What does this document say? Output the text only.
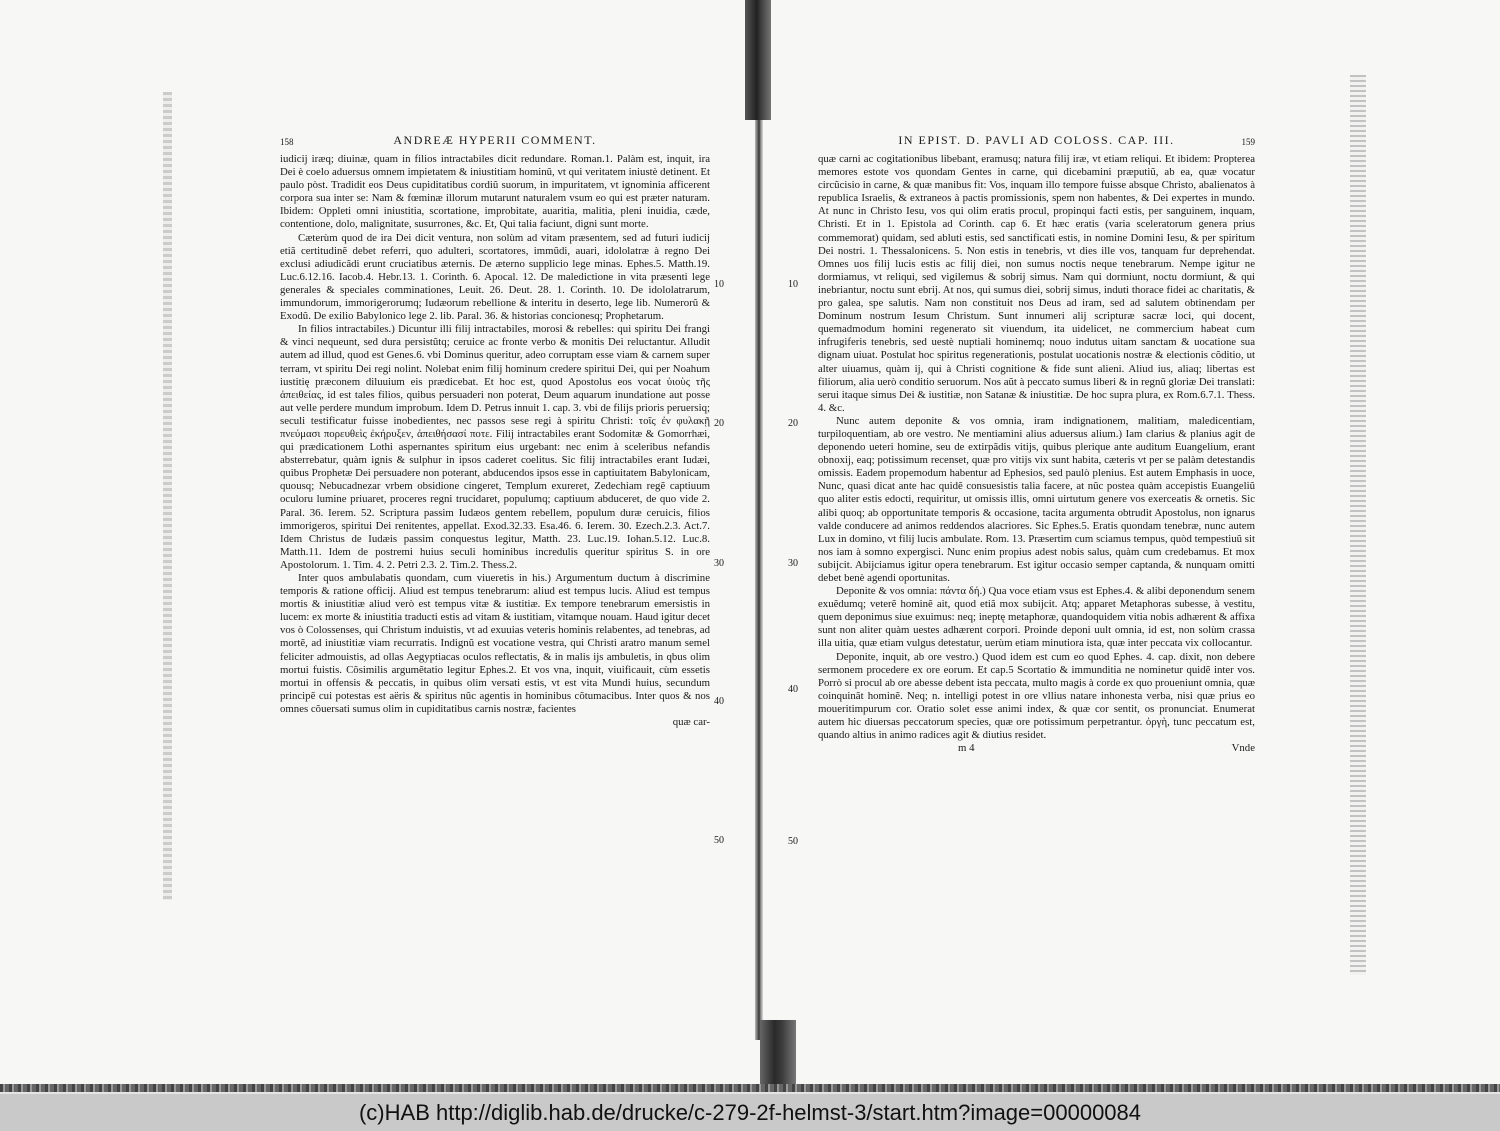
158	ANDREÆ HYPERII COMMENT.

iudicij iræq; diuinæ, quam in filios intractabiles dicit redundare. Roman.1. Palàm est, inquit, ira Dei è coelo aduersus omnem impietatem & iniustitiam hominũ, vt qui veritatem iniustè detinent. Et paulo pòst. Tradidit eos Deus cupiditatibus cordiũ suorum, in impuritatem, vt ignominia afficerent corpora sua inter se: Nam & fœminæ illorum mutarunt naturalem vsum eo qui est præter naturam. Ibidem: Oppleti omni iniustitia, scortatione, improbitate, auaritia, malitia, pleni inuidia, cæde, contentione, dolo, malignitate, susurrones, &c. Et, Qui talia faciunt, digni sunt morte.

Cæterùm quod de ira Dei dicit ventura, non solùm ad vitam præsentem, sed ad futuri iudicij etiã certitudinẽ debet referri, quo adulteri, scortatores, immũdi, auari, idololatræ à regno Dei exclusi adiudicãdi erunt cruciatibus æternis. De æterno supplicio lege minas. Ephes.5. Matth.19. Luc.6.12.16. Iacob.4. Hebr.13. 1. Corinth. 6. Apocal. 12. De maledictione in vita præsenti lege generales & speciales comminationes, Leuit. 26. Deut. 28. 1. Corinth. 10. De idololatrarum, immundorum, immorigerorumq; Iudæorum rebellione & interitu in deserto, lege lib. Numerorũ & Exodũ. De exilio Babylonico lege 2. lib. Paral. 36. & historias concionesq; Prophetarum.

In filios intractabiles.) Dicuntur illi filij intractabiles, morosi & rebelles: qui spiritu Dei frangi & vinci nequeunt, sed dura persistũtq; ceruice ac fronte verbo & monitis Dei reluctantur. Alludit autem ad illud, quod est Genes.6. vbi Dominus queritur, adeo corruptam esse viam & carnem super terram, vt spiritu Dei regi nolint. Nolebat enim filij hominum credere spiritui Dei, qui per Noahum iustitię præconem diluuium eis prædicebat. Et hoc est, quod Apostolus eos vocat ὑιοὺς τῆς ἀπειθείας, id est tales filios, quibus persuaderi non poterat, Deum aquarum inundatione aut posse aut velle perdere mundum improbum. Idem D. Petrus innuit 1. cap. 3. vbi de filijs prioris peruersiq; seculi testificatur fuisse inobedientes, nec passos sese regi à spiritu Christi: τοῖς ἐν φυλακῇ πνεύμασι πορευθεὶς ἐκήρυξεν, ἀπειθήσασί ποτε. Filij intractabiles erant Sodomitæ & Gomorrhæi, qui prædicationem Lothi aspernantes spiritum eius urgebant: nec enim à sceleribus nefandis absterrebatur, quàm ignis & sulphur in ipsos caderet coelitus. Sic filij intractabiles erant Iudæi, quibus Prophetæ Dei persuadere non poterant, abducendos ipsos esse in captiuitatem Babylonicam, quousq; Nebucadnezar vrbem obsidione cingeret, Templum exureret, Zedechiam regẽ captiuum oculoru lumine priuaret, proceres regni trucidaret, populumq; captiuum abduceret, de quo vide 2. Paral. 36. Ierem. 52. Scriptura passim Iudæos gentem rebellem, populum duræ ceruicis, filios immorigeros, spiritui Dei renitentes, appellat. Exod.32.33. Esa.46. 6. Ierem. 30. Ezech.2.3. Act.7. Idem Christus de Iudæis passim conquestus legitur, Matth. 23. Luc.19. Iohan.5.12. Luc.8. Matth.11. Idem de postremi huius seculi hominibus incredulis queritur spiritus S. in ore Apostolorum. 1. Tim. 4. 2. Petri 2.3. 2. Tim.2. Thess.2.

Inter quos ambulabatis quondam, cum viueretis in his.) Argumentum ductum à discrimine temporis & ratione officij. Aliud est tempus tenebrarum: aliud est tempus lucis. Aliud est tempus mortis & iniustitiæ aliud verò est tempus vitæ & iustitiæ. Ex tempore tenebrarum emersistis in lucem: ex morte & iniustitia traducti estis ad vitam & iustitiam, vitamque nouam. Haud igitur decet vos ò Colossenses, qui Christum induistis, vt ad exuuias veteris hominis relabentes, ad tenebras, ad mortẽ, ad iniustitiæ viam recurratis. Indignũ est vocatione vestra, qui Christi aratro manum semel feliciter admouistis, ad ollas Aegyptiacas oculos reflectatis, & in malis ijs ambuletis, in qbus olim mortui fuistis. Cõsimilis argumẽtatio legitur Ephes.2. Et vos vna, inquit, viuificauit, cùm essetis mortui in offensis & peccatis, in quibus olim versati estis, vt est vita Mundi huius, secundum principẽ cui potestas est aëris & spiritus nũc agentis in hominibus cõtumacibus. Inter quos & nos omnes cõuersati sumus olim in cupiditatibus carnis nostræ, facientes

quæ car-
10
20
30
40
50
IN EPIST. D. PAVLI AD COLOSS. CAP. III.	159

quæ carni ac cogitationibus libebant, eramusq; natura filij iræ, vt etiam reliqui. Et ibidem: Propterea memores estote vos quondam Gentes in carne, qui dicebamini præputiũ, ab ea, quæ vocatur circũcisio in carne, & quæ manibus fit: Vos, inquam illo tempore fuisse absque Christo, abalienatos à republica Israelis, & extraneos à pactis promissionis, spem non habentes, & Dei expertes in mundo. At nunc in Christo Iesu, vos qui olim eratis procul, propinqui facti estis, per sanguinem, inquam, Christi. Et in 1. Epistola ad Corinth. cap 6. Et hæc eratis (varia sceleratorum genera prius commemorat) quidam, sed abluti estis, sed sanctificati estis, in nomine Domini Iesu, & per spiritum Dei nostri. 1. Thessalonicens. 5. Non estis in tenebris, vt dies ille vos, tanquam fur deprehendat. Omnes uos filij lucis estis ac filij diei, non sumus noctis neque tenebrarum. Nempe igitur ne dormiamus, vt reliqui, sed vigilemus & sobrij simus. Nam qui dormiunt, noctu dormiunt, & qui inebriantur, noctu sunt ebrij. At nos, qui sumus diei, sobrij simus, induti thorace fidei ac charitatis, & pro galea, spe salutis. Nam non constituit nos Deus ad iram, sed ad salutem obtinendam per Dominum nostrum Iesum Christum. Sunt innumeri alij scripturæ sacræ loci, qui docent, quemadmodum homini regenerato sit viuendum, ita uidelicet, ne commercium habeat cum infrugiferis tenebris, sed uestè nuptiali hominemq; nouo indutus uitam sanctam & uocatione sua dignam uiuat. Postulat hoc spiritus regenerationis, postulat uocationis nostræ & electionis cõditio, ut alter uiuamus, quàm ij, qui à Christi cognitione & fide sunt alieni. Aliud ius, aliaq; libertas est filiorum, alia uerò conditio seruorum. Nos aũt à peccato sumus liberi & in regnũ gloriæ Dei translati: serui itaque simus Dei & iustitiæ, non Satanæ & iniustitiæ. De hoc supra plura, ex Rom.6.7.1. Thess. 4. &c.

Nunc autem deponite & vos omnia, iram indignationem, malitiam, maledicentiam, turpiloquentiam, ab ore vestro. Ne mentiamini alius aduersus alium.) Iam clarius & planius agit de deponendo ueteri homine, seu de extirpãdis vitijs, quibus plerique ante auditum Euangelium, erant obnoxij, eaq; potissimum recenset, quæ pro vitijs vix sunt habita, cæteris vt per se palàm detestandis omissis. Eadem propemodum habentur ad Ephesios, sed paulò plenius. Est autem Emphasis in uoce, Nunc, quasi dicat ante hac quidẽ consuesistis talia facere, at nũc postea quàm accepistis Euangeliũ quo aliter estis edocti, requiritur, ut omissis illis, omni uirtutum genere vos exerceatis & ornetis. Sic alibi quoq; ab opportunitate temporis & occasione, tacita argumenta obtrudit Apostolus, non ignarus valde conducere ad animos reddendos alacriores. Sic Ephes.5. Eratis quondam tenebræ, nunc autem Lux in domino, vt filij lucis ambulate. Rom. 13. Præsertim cum sciamus tempus, quòd tempestiuũ sit nos iam à somno expergisci. Nunc enim propius adest nobis salus, quàm cum credebamus. Et mox subijcit. Abijciamus igitur opera tenebrarum. Est igitur occasio semper captanda, & nunquam omitti debet benè agendi oportunitas.

Deponite & vos omnia: πάντα δή.) Qua voce etiam vsus est Ephes.4. & alibi deponendum senem exuẽdumq; veterẽ hominẽ ait, quod etiã mox subijcit. Atq; apparet Metaphoras subesse, à vestitu, quem deponimus siue exuimus: neq; ineptę metaphoræ, quandoquidem vitia nobis adhærent & affixa sunt non aliter quàm uestes adhærent corpori. Proinde deponi uult omnia, id est, non solùm crassa illa uitia, quæ etiam vulgus detestatur, uerùm etiam minutiora ista, quæ inter peccata vix collocantur.

Deponite, inquit, ab ore vestro.) Quod idem est cum eo quod Ephes. 4. cap. dixit, non debere sermonem procedere ex ore eorum. Et cap.5 Scortatio & immunditia ne nominetur quidẽ inter vos. Porrò si procul ab ore abesse debent ista peccata, multo magis à corde ex quo proueniunt omnia, quæ coinquinãt hominẽ. Neq; n. intelligi potest in ore vllius natare inhonesta verba, nisi quæ prius eo moueritimpurum cor. Oratio solet esse animi index, & quæ cor sentit, os pronunciat. Enumerat autem hic diuersas peccatorum species, quæ ore potissimum perpetrantur. ὀργὴ, tunc peccatum est, quando altius in animo radices agit & diutius residet.

m 4	Vnde
10
20
30
40
50
(c)HAB http://diglib.hab.de/drucke/c-279-2f-helmst-3/start.htm?image=00000084
